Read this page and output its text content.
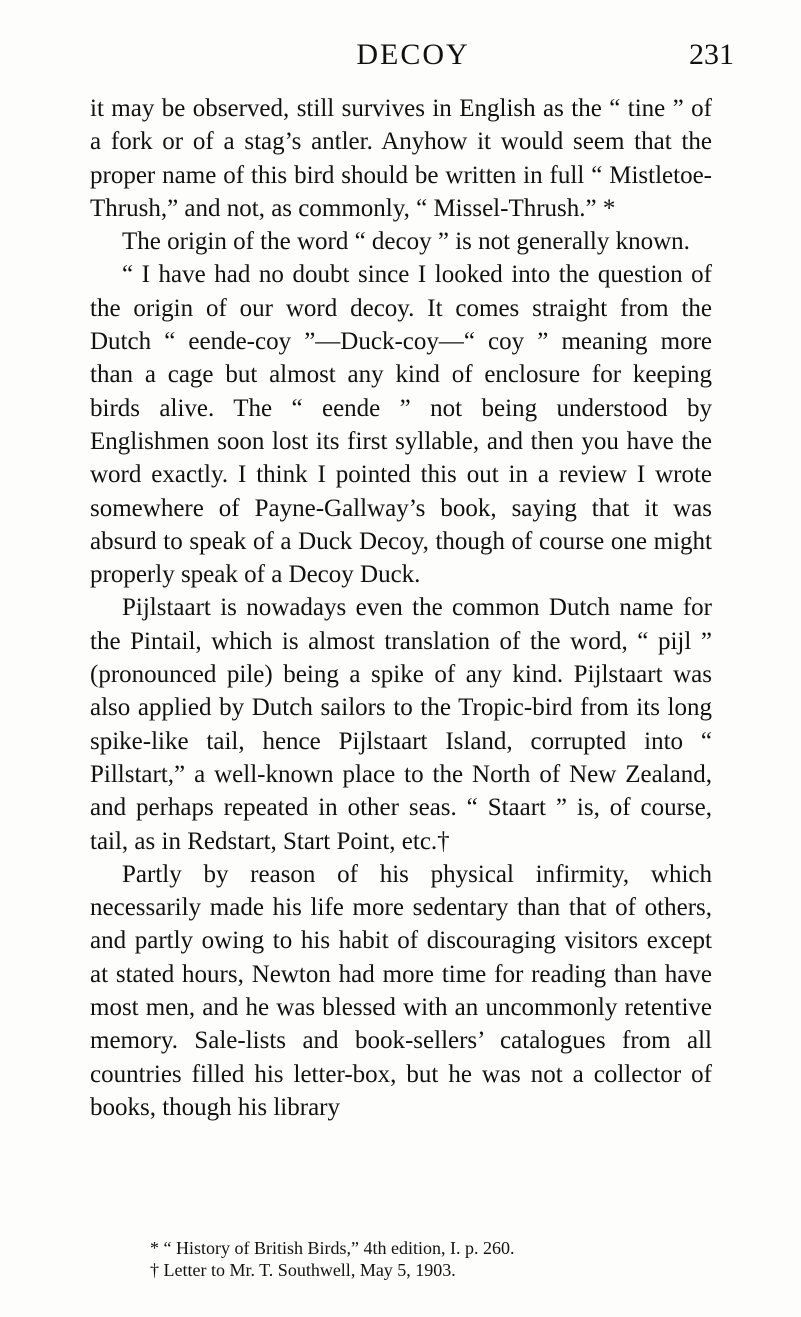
DECOY	231

it may be observed, still survives in English as the “ tine ” of a fork or of a stag’s antler. Anyhow it would seem that the proper name of this bird should be written in full “ Mistletoe-Thrush,” and not, as commonly, “ Missel-Thrush.” *

The origin of the word “ decoy ” is not generally known.

“ I have had no doubt since I looked into the question of the origin of our word decoy. It comes straight from the Dutch “ eende-coy ”—Duck-coy—“ coy ” meaning more than a cage but almost any kind of enclosure for keeping birds alive. The “ eende ” not being understood by Englishmen soon lost its first syllable, and then you have the word exactly. I think I pointed this out in a review I wrote somewhere of Payne-Gallway’s book, saying that it was absurd to speak of a Duck Decoy, though of course one might properly speak of a Decoy Duck.

Pijlstaart is nowadays even the common Dutch name for the Pintail, which is almost translation of the word, “ pijl ” (pronounced pile) being a spike of any kind. Pijlstaart was also applied by Dutch sailors to the Tropic-bird from its long spike-like tail, hence Pijlstaart Island, corrupted into “ Pillstart,” a well-known place to the North of New Zealand, and perhaps repeated in other seas. “ Staart ” is, of course, tail, as in Redstart, Start Point, etc.†

Partly by reason of his physical infirmity, which necessarily made his life more sedentary than that of others, and partly owing to his habit of discouraging visitors except at stated hours, Newton had more time for reading than have most men, and he was blessed with an uncommonly retentive memory. Sale-lists and book-sellers’ catalogues from all countries filled his letter-box, but he was not a collector of books, though his library

* “ History of British Birds,” 4th edition, I. p. 260.

† Letter to Mr. T. Southwell, May 5, 1903.
